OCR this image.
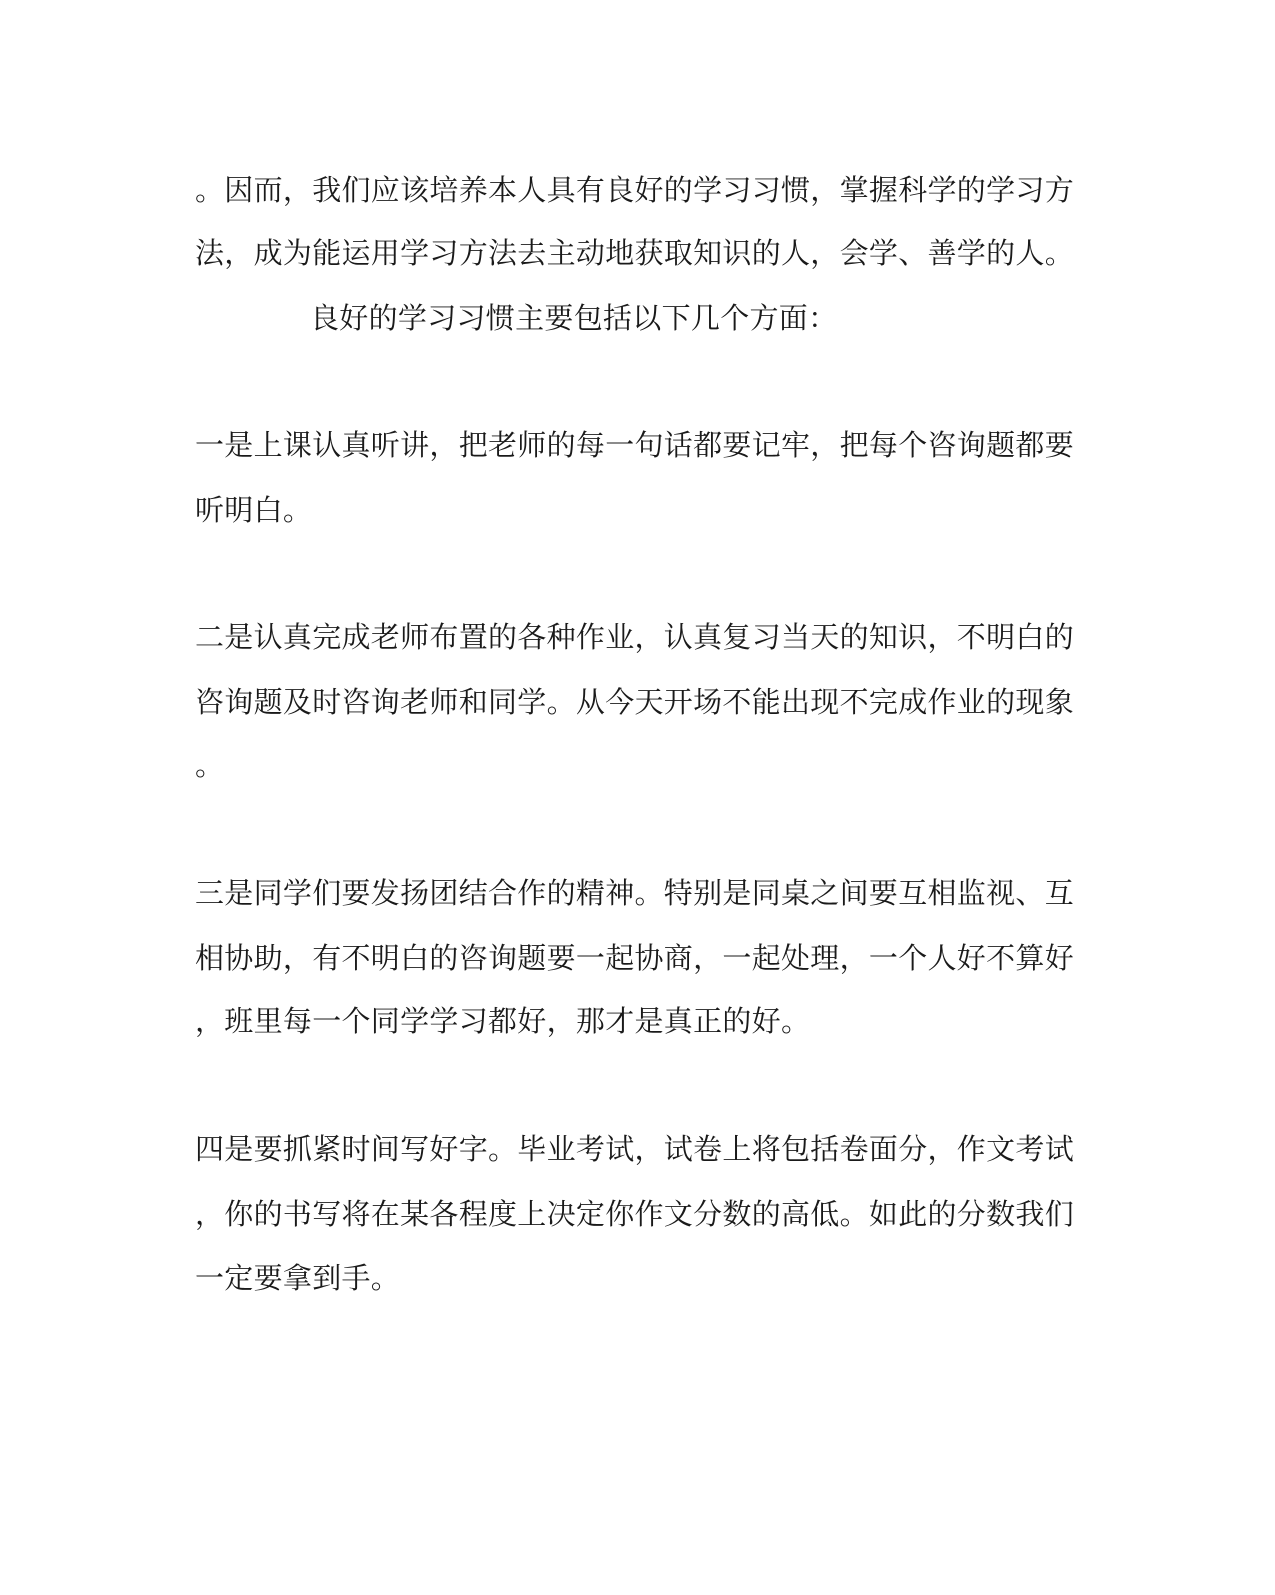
。因而，我们应该培养本人具有良好的学习习惯，掌握科学的学习方
法，成为能运用学习方法去主动地获取知识的人，会学、善学的人。
良好的学习习惯主要包括以下几个方面：
一是上课认真听讲，把老师的每一句话都要记牢，把每个咨询题都要
听明白。
二是认真完成老师布置的各种作业，认真复习当天的知识，不明白的
咨询题及时咨询老师和同学。从今天开场不能出现不完成作业的现象
。
三是同学们要发扬团结合作的精神。特别是同桌之间要互相监视、互
相协助，有不明白的咨询题要一起协商，一起处理，一个人好不算好
，班里每一个同学学习都好，那才是真正的好。
四是要抓紧时间写好字。毕业考试，试卷上将包括卷面分，作文考试
，你的书写将在某各程度上决定你作文分数的高低。如此的分数我们
一定要拿到手。
